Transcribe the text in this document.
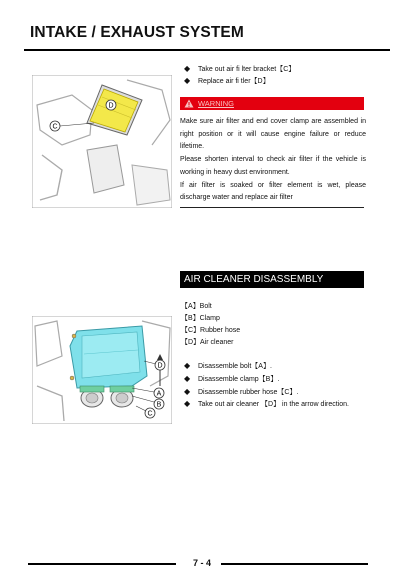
INTAKE / EXHAUST SYSTEM
◆ Take out air fi lter bracket【C】
◆ Replace air fi tler【D】
D
C
WARNING
Make sure air filter and end cover clamp are assembled in right position or it will cause engine failure or reduce lifetime.
Please shorten interval to check air filter if the vehicle is working in heavy dust environment.
If air filter is soaked or filter element is wet, please discharge water and replace air filter
AIR CLEANER DISASSEMBLY
【A】Bolt
【B】Clamp
【C】Rubber hose
【D】Air cleaner
D
A
B
C
◆ Disassemble bolt【A】.
◆ Disassemble clamp【B】.
◆ Disassemble rubber hose【C】.
◆ Take out air cleaner 【D】 in the arrow direction.
7 - 4
